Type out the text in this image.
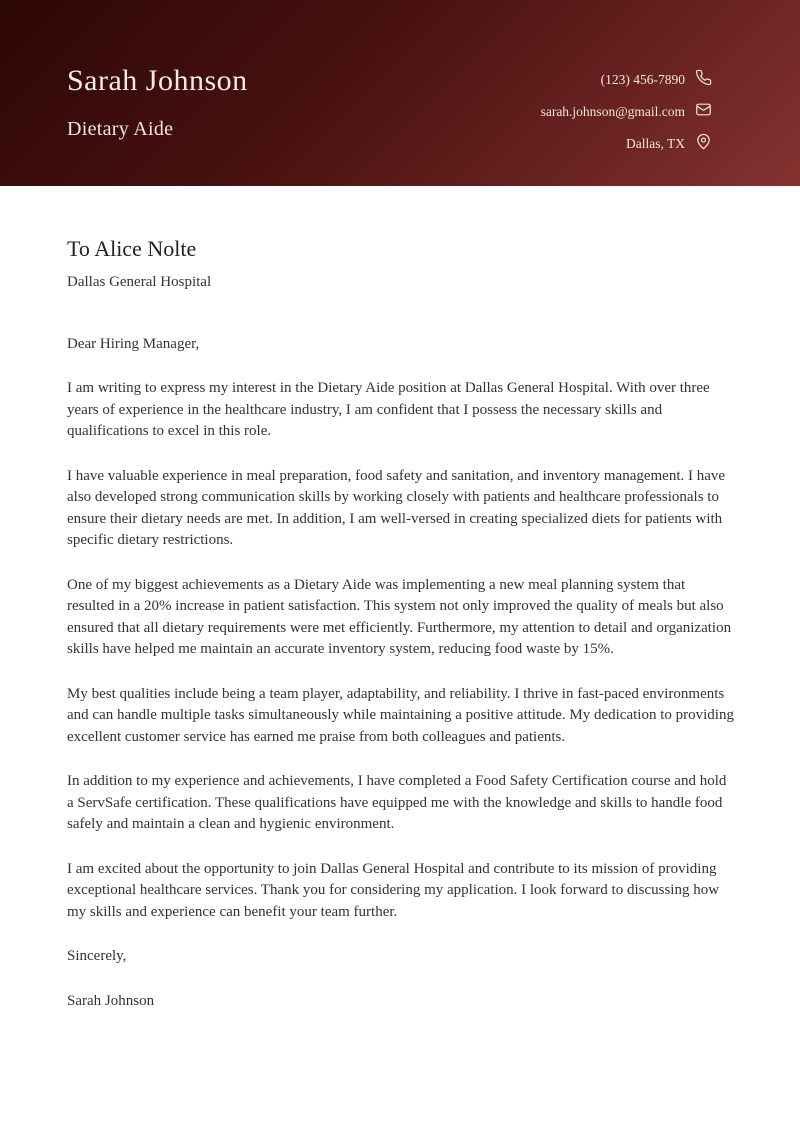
Sarah Johnson
Dietary Aide
(123) 456-7890
sarah.johnson@gmail.com
Dallas, TX
To Alice Nolte
Dallas General Hospital

Dear Hiring Manager,

I am writing to express my interest in the Dietary Aide position at Dallas General Hospital. With over three years of experience in the healthcare industry, I am confident that I possess the necessary skills and qualifications to excel in this role.

I have valuable experience in meal preparation, food safety and sanitation, and inventory management. I have also developed strong communication skills by working closely with patients and healthcare professionals to ensure their dietary needs are met. In addition, I am well-versed in creating specialized diets for patients with specific dietary restrictions.

One of my biggest achievements as a Dietary Aide was implementing a new meal planning system that resulted in a 20% increase in patient satisfaction. This system not only improved the quality of meals but also ensured that all dietary requirements were met efficiently. Furthermore, my attention to detail and organization skills have helped me maintain an accurate inventory system, reducing food waste by 15%.

My best qualities include being a team player, adaptability, and reliability. I thrive in fast-paced environments and can handle multiple tasks simultaneously while maintaining a positive attitude. My dedication to providing excellent customer service has earned me praise from both colleagues and patients.

In addition to my experience and achievements, I have completed a Food Safety Certification course and hold a ServSafe certification. These qualifications have equipped me with the knowledge and skills to handle food safely and maintain a clean and hygienic environment.

I am excited about the opportunity to join Dallas General Hospital and contribute to its mission of providing exceptional healthcare services. Thank you for considering my application. I look forward to discussing how my skills and experience can benefit your team further.

Sincerely,

Sarah Johnson
